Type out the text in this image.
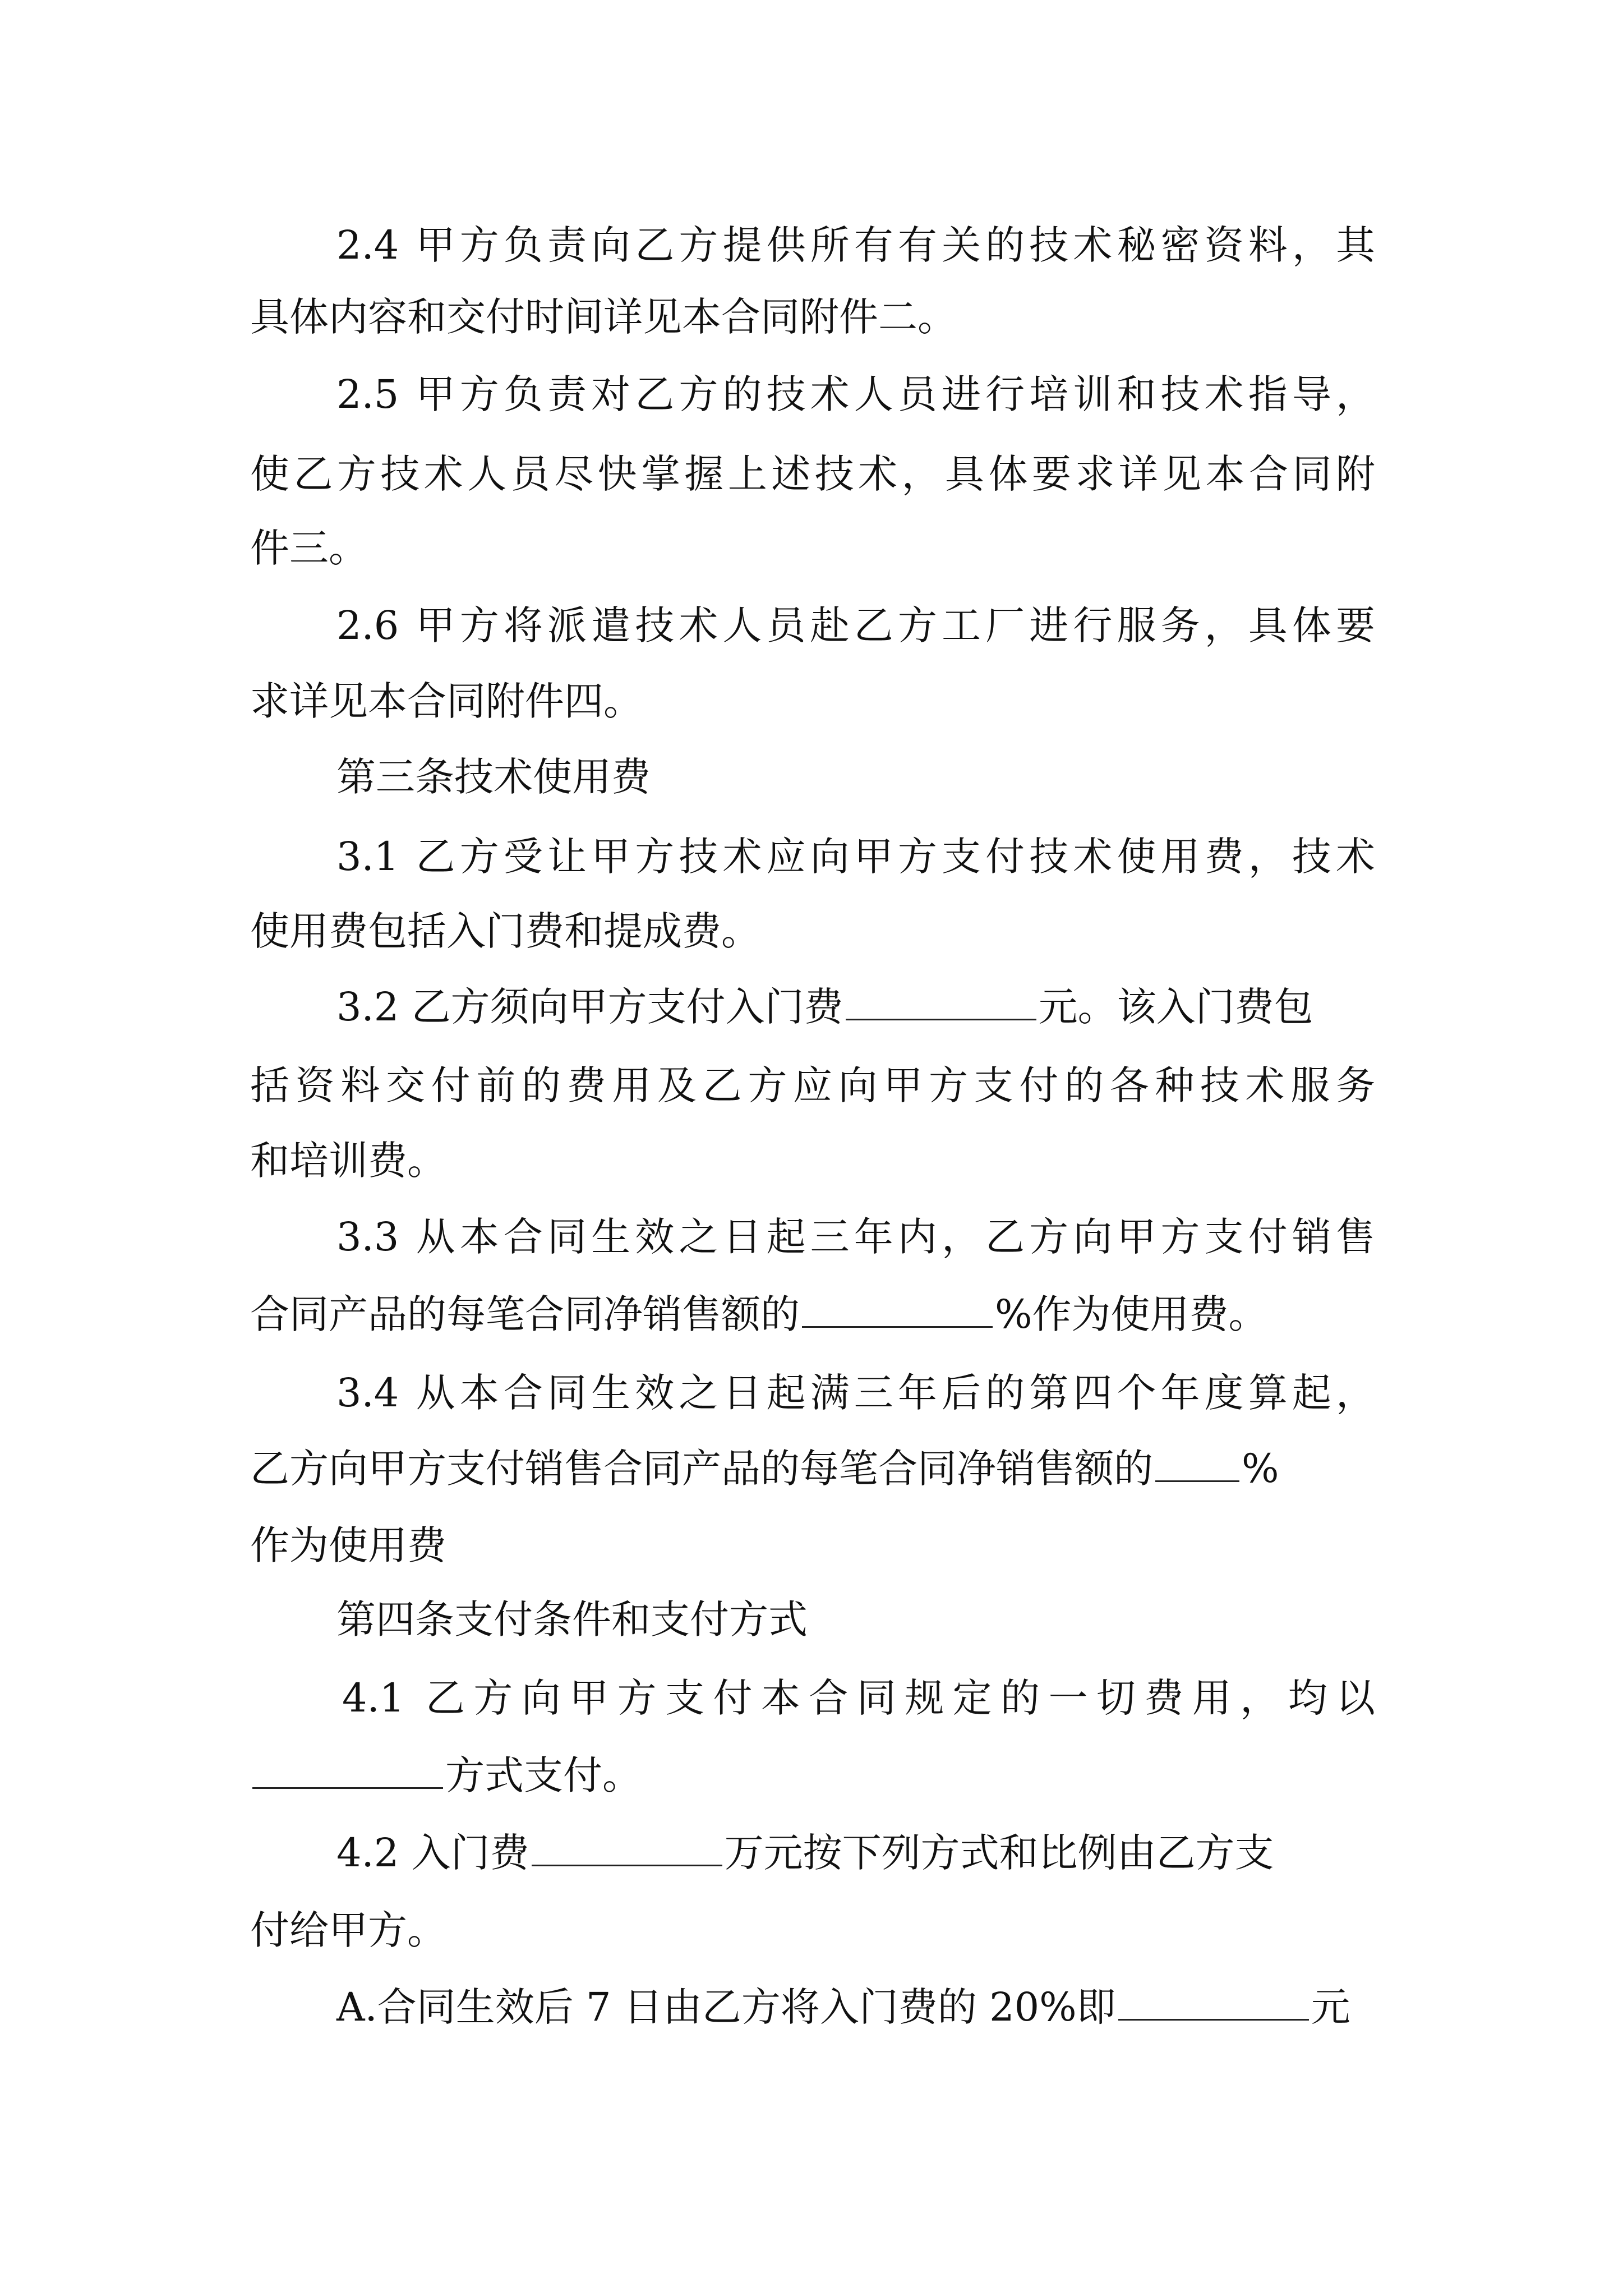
2.4 甲方负责向乙方提供所有有关的技术秘密资料，其
具体内容和交付时间详见本合同附件二。
2.5 甲方负责对乙方的技术人员进行培训和技术指导，
使乙方技术人员尽快掌握上述技术，具体要求详见本合同附
件三。
2.6 甲方将派遣技术人员赴乙方工厂进行服务，具体要
求详见本合同附件四。
第三条技术使用费
3.1 乙方受让甲方技术应向甲方支付技术使用费，技术
使用费包括入门费和提成费。
3.2 乙方须向甲方支付入门费	元。该入门费包
括资料交付前的费用及乙方应向甲方支付的各种技术服务
和培训费。
3.3 从本合同生效之日起三年内，乙方向甲方支付销售
合同产品的每笔合同净销售额的	%作为使用费。
3.4 从本合同生效之日起满三年后的第四个年度算起，
乙方向甲方支付销售合同产品的每笔合同净销售额的 %
作为使用费
第四条支付条件和支付方式
4.1 乙方向甲方支付本合同规定的一切费用，均以
方式支付。
4.2 入门费	万元按下列方式和比例由乙方支
付给甲方。
A.合同生效后 7 日由乙方将入门费的 20%即	元
